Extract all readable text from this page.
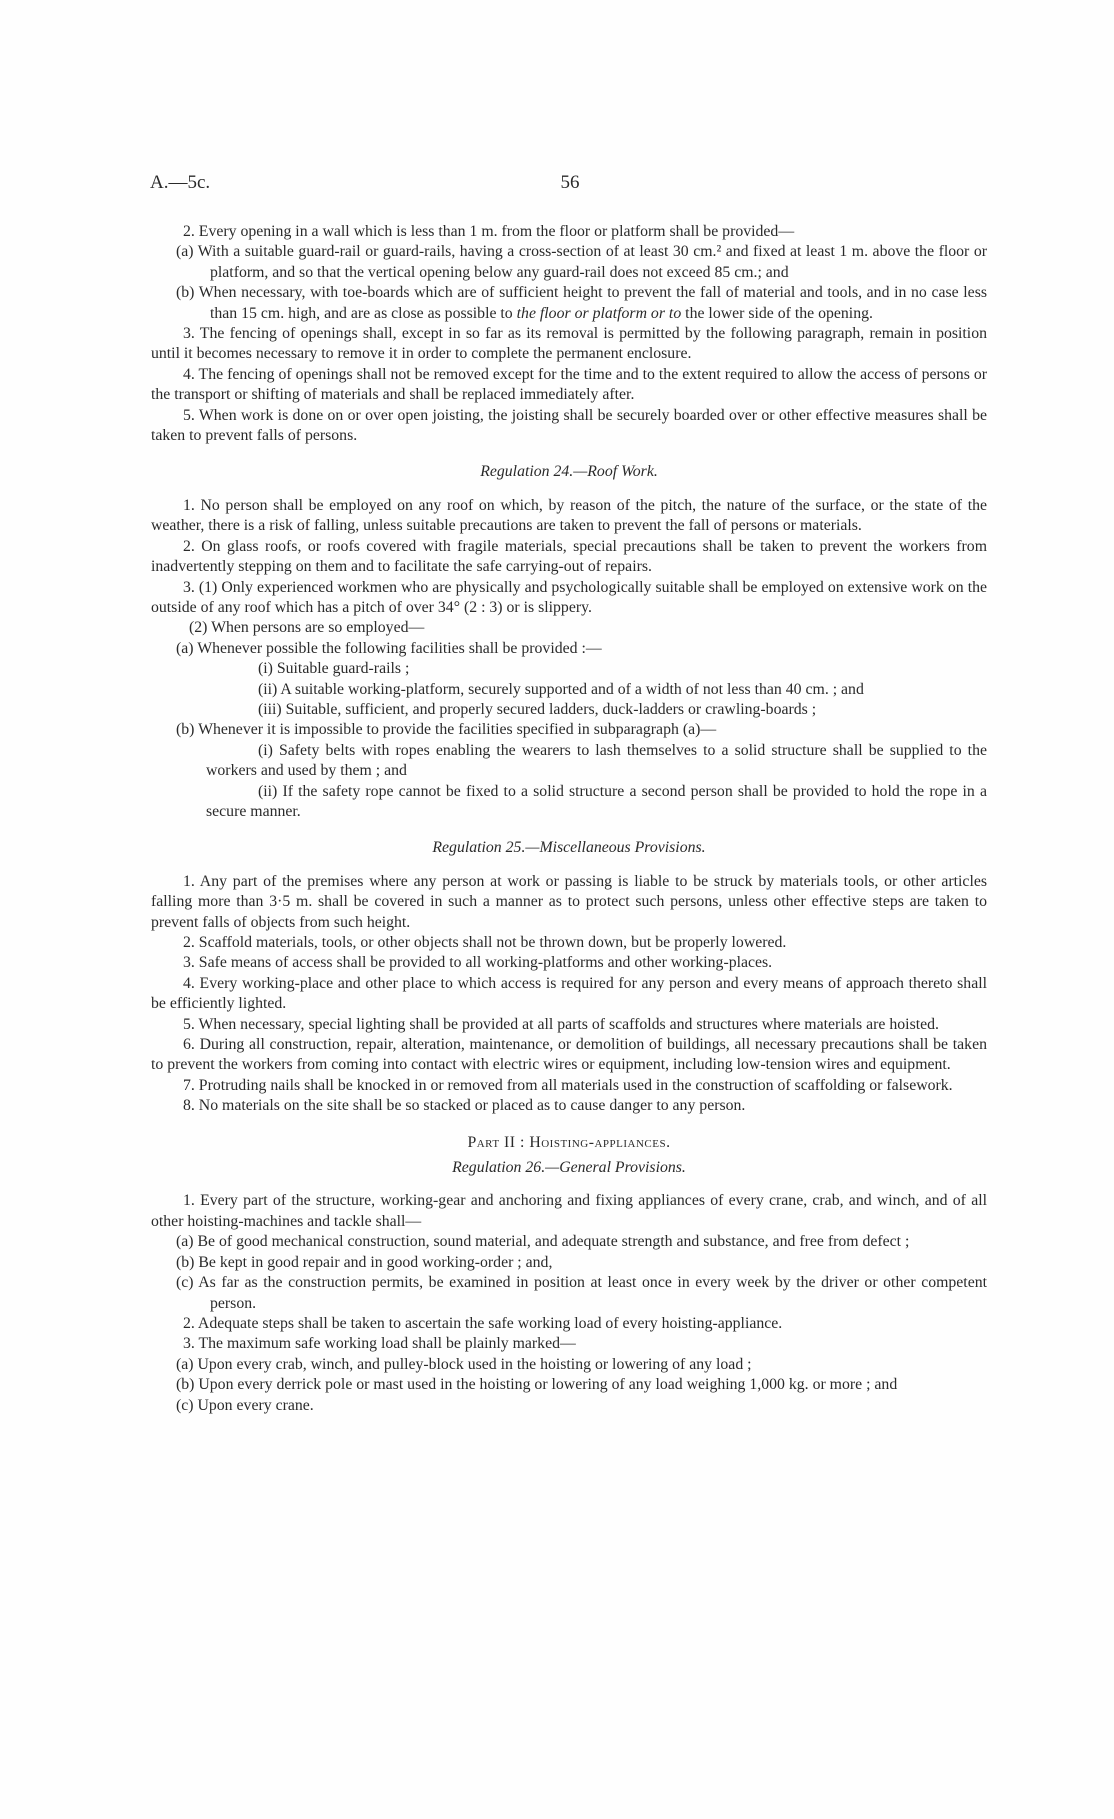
A.—5c.	56

2. Every opening in a wall which is less than 1 m. from the floor or platform shall be provided—

(a) With a suitable guard-rail or guard-rails, having a cross-section of at least 30 cm.² and fixed at least 1 m. above the floor or platform, and so that the vertical opening below any guard-rail does not exceed 85 cm.; and

(b) When necessary, with toe-boards which are of sufficient height to prevent the fall of material and tools, and in no case less than 15 cm. high, and are as close as possible to the floor or platform or to the lower side of the opening.

3. The fencing of openings shall, except in so far as its removal is permitted by the following paragraph, remain in position until it becomes necessary to remove it in order to complete the permanent enclosure.

4. The fencing of openings shall not be removed except for the time and to the extent required to allow the access of persons or the transport or shifting of materials and shall be replaced immediately after.

5. When work is done on or over open joisting, the joisting shall be securely boarded over or other effective measures shall be taken to prevent falls of persons.

Regulation 24.—Roof Work.

1. No person shall be employed on any roof on which, by reason of the pitch, the nature of the surface, or the state of the weather, there is a risk of falling, unless suitable precautions are taken to prevent the fall of persons or materials.

2. On glass roofs, or roofs covered with fragile materials, special precautions shall be taken to prevent the workers from inadvertently stepping on them and to facilitate the safe carrying-out of repairs.

3. (1) Only experienced workmen who are physically and psychologically suitable shall be employed on extensive work on the outside of any roof which has a pitch of over 34° (2 : 3) or is slippery.

(2) When persons are so employed—

(a) Whenever possible the following facilities shall be provided :—

(i) Suitable guard-rails ;

(ii) A suitable working-platform, securely supported and of a width of not less than 40 cm. ; and

(iii) Suitable, sufficient, and properly secured ladders, duck-ladders or crawling-boards ;

(b) Whenever it is impossible to provide the facilities specified in subparagraph (a)—

(i) Safety belts with ropes enabling the wearers to lash themselves to a solid structure shall be supplied to the workers and used by them ; and

(ii) If the safety rope cannot be fixed to a solid structure a second person shall be provided to hold the rope in a secure manner.

Regulation 25.—Miscellaneous Provisions.

1. Any part of the premises where any person at work or passing is liable to be struck by materials tools, or other articles falling more than 3·5 m. shall be covered in such a manner as to protect such persons, unless other effective steps are taken to prevent falls of objects from such height.

2. Scaffold materials, tools, or other objects shall not be thrown down, but be properly lowered.

3. Safe means of access shall be provided to all working-platforms and other working-places.

4. Every working-place and other place to which access is required for any person and every means of approach thereto shall be efficiently lighted.

5. When necessary, special lighting shall be provided at all parts of scaffolds and structures where materials are hoisted.

6. During all construction, repair, alteration, maintenance, or demolition of buildings, all necessary precautions shall be taken to prevent the workers from coming into contact with electric wires or equipment, including low-tension wires and equipment.

7. Protruding nails shall be knocked in or removed from all materials used in the construction of scaffolding or falsework.

8. No materials on the site shall be so stacked or placed as to cause danger to any person.

Part II : Hoisting-appliances.

Regulation 26.—General Provisions.

1. Every part of the structure, working-gear and anchoring and fixing appliances of every crane, crab, and winch, and of all other hoisting-machines and tackle shall—

(a) Be of good mechanical construction, sound material, and adequate strength and substance, and free from defect ;

(b) Be kept in good repair and in good working-order ; and,

(c) As far as the construction permits, be examined in position at least once in every week by the driver or other competent person.

2. Adequate steps shall be taken to ascertain the safe working load of every hoisting-appliance.

3. The maximum safe working load shall be plainly marked—

(a) Upon every crab, winch, and pulley-block used in the hoisting or lowering of any load ;

(b) Upon every derrick pole or mast used in the hoisting or lowering of any load weighing 1,000 kg. or more ; and

(c) Upon every crane.
